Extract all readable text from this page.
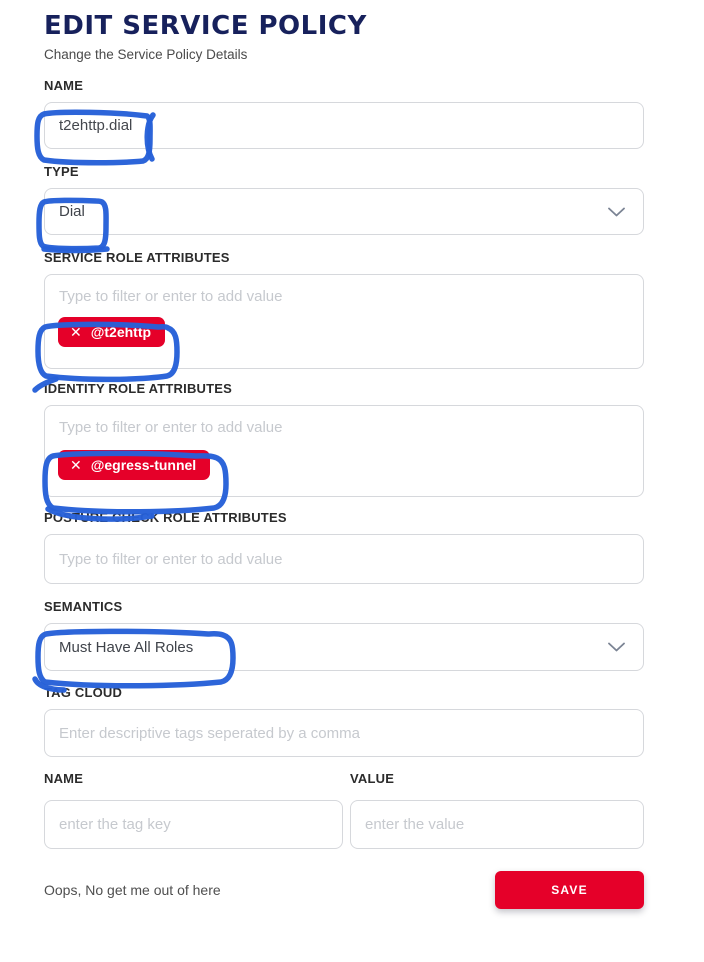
EDIT SERVICE POLICY
Change the Service Policy Details
NAME
t2ehttp.dial
TYPE
Dial
SERVICE ROLE ATTRIBUTES
Type to filter or enter to add value
✕ @t2ehttp
IDENTITY ROLE ATTRIBUTES
Type to filter or enter to add value
✕ @egress-tunnel
POSTURE CHECK ROLE ATTRIBUTES
Type to filter or enter to add value
SEMANTICS
Must Have All Roles
TAG CLOUD
Enter descriptive tags seperated by a comma
NAME	VALUE
enter the tag key
enter the value
Oops, No get me out of here	SAVE
